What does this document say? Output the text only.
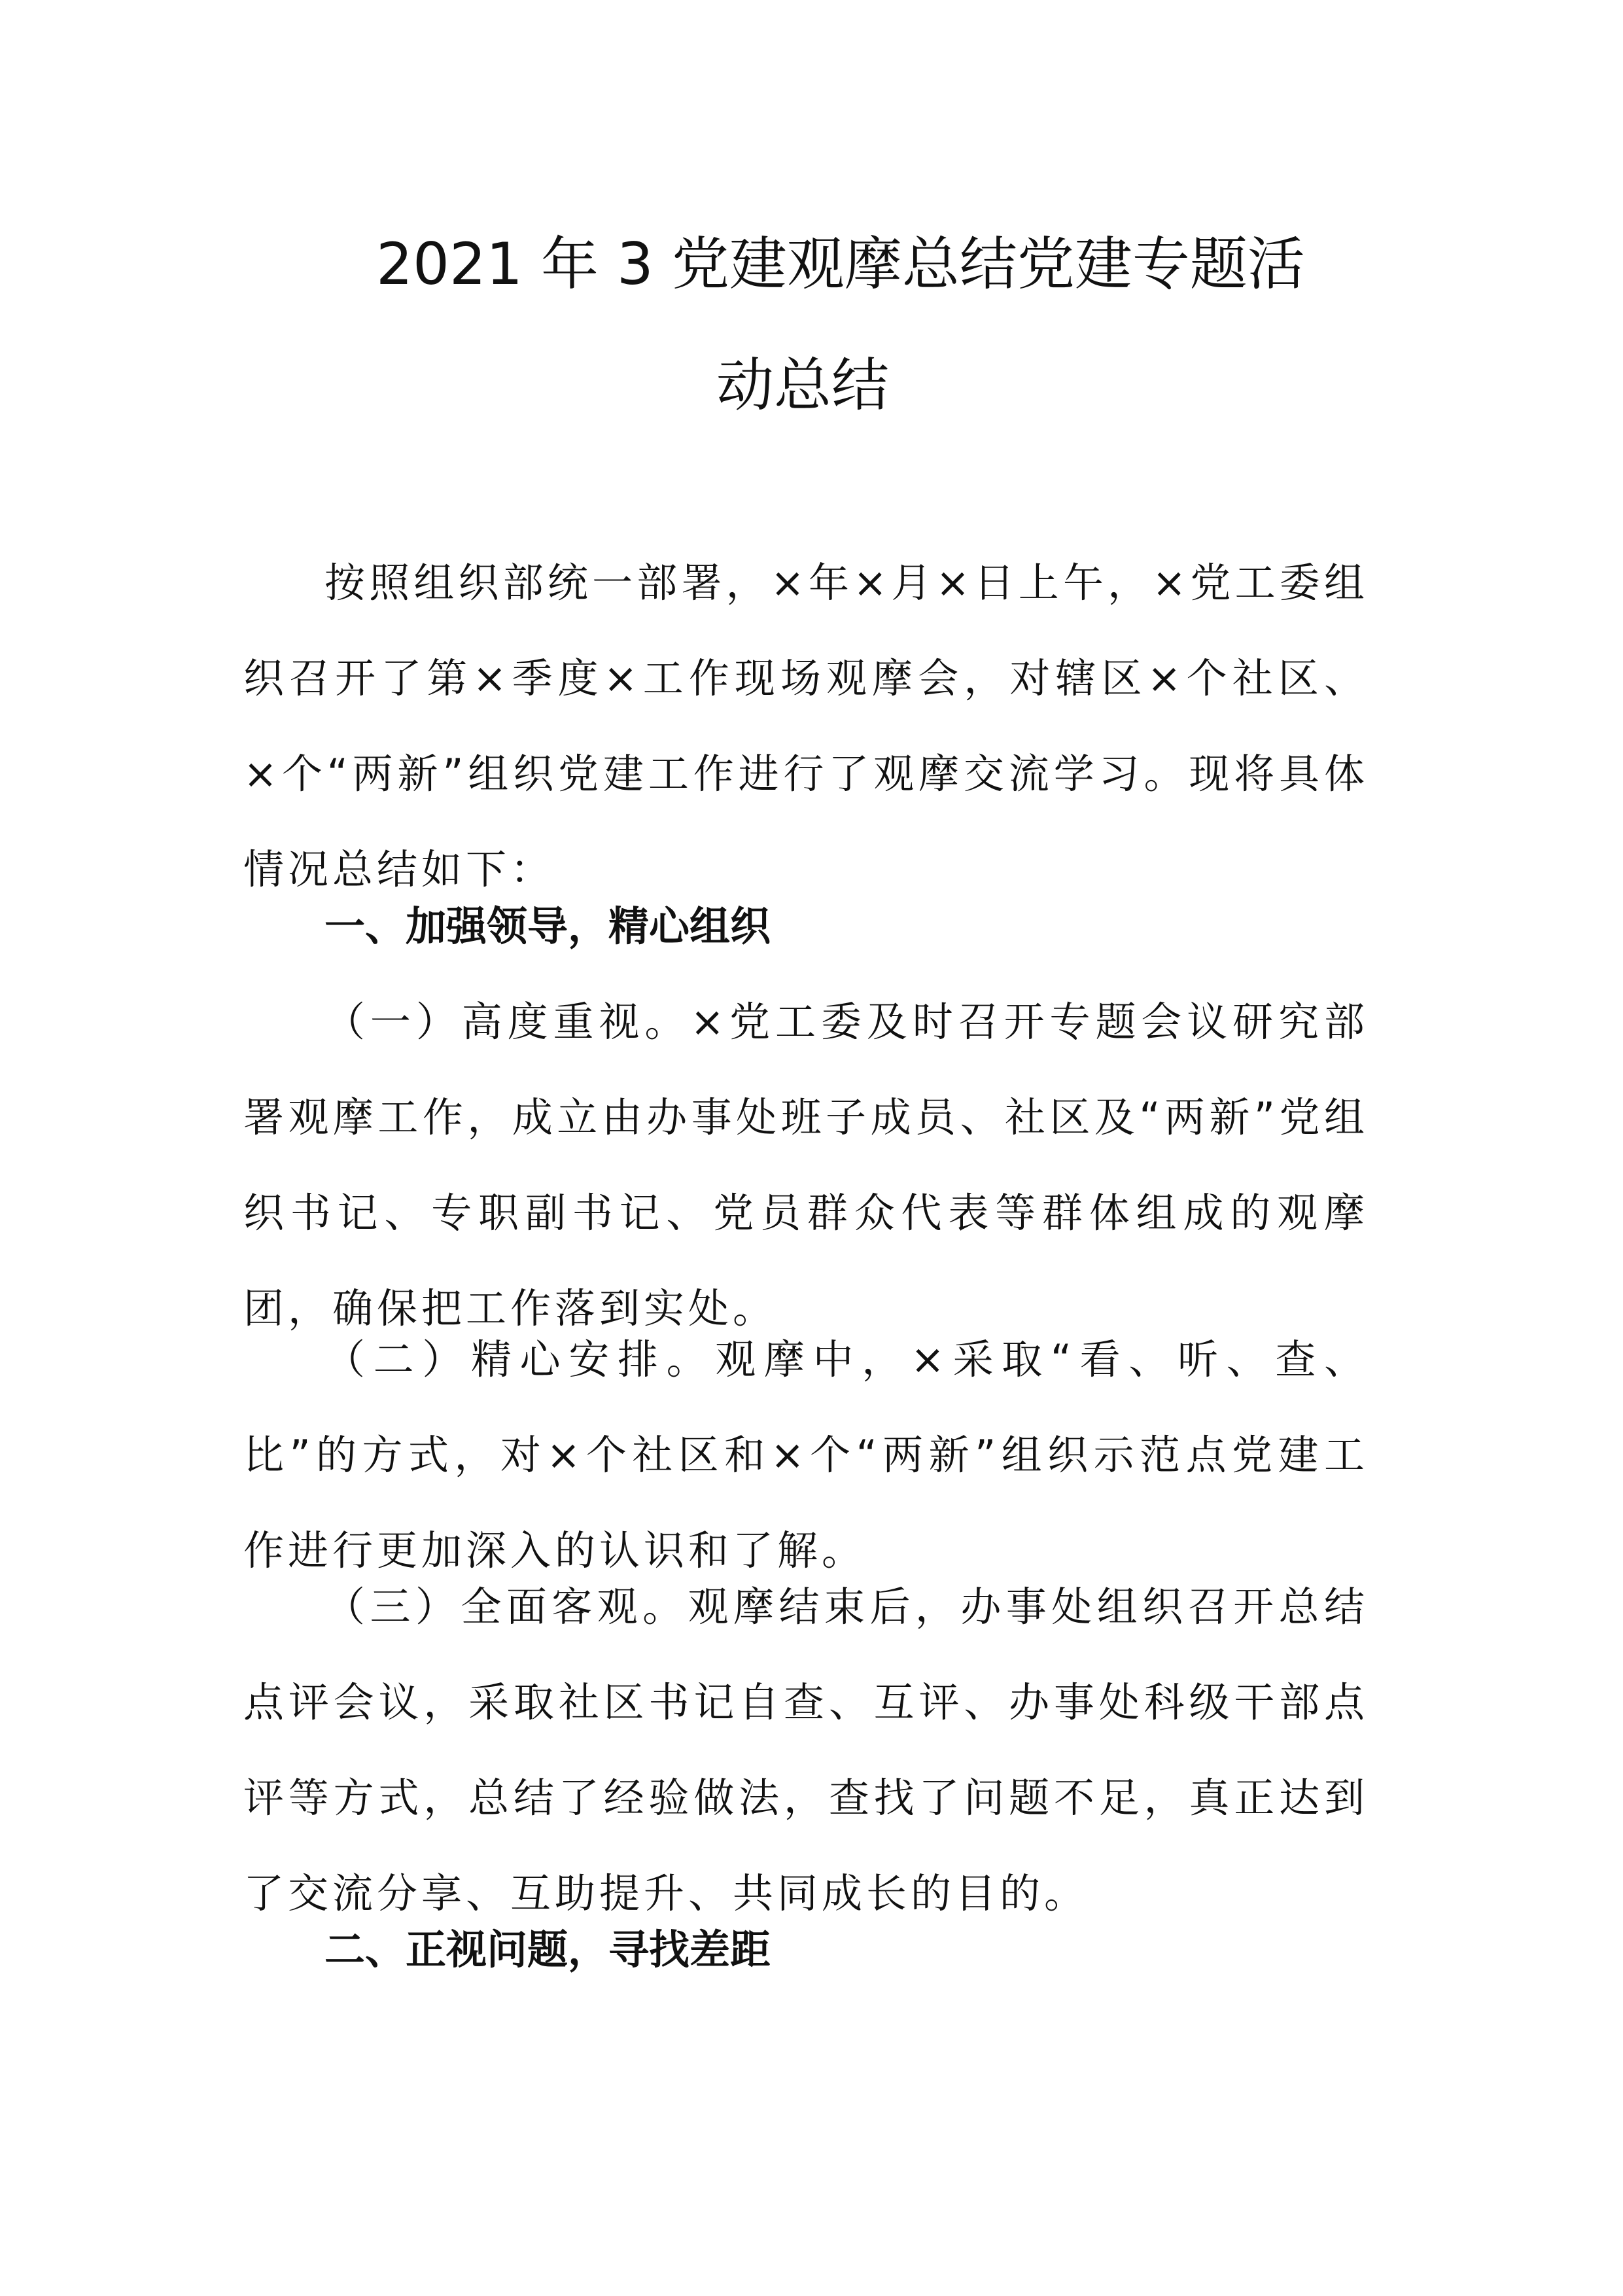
2021 年 3 党建观摩总结党建专题活
动总结

按照组织部统一部署，×年×月×日上午，×党工委组织召开了第×季度×工作现场观摩会，对辖区×个社区、×个“两新”组织党建工作进行了观摩交流学习。现将具体情况总结如下：

一、加强领导，精心组织

（一）高度重视。×党工委及时召开专题会议研究部署观摩工作，成立由办事处班子成员、社区及“两新”党组织书记、专职副书记、党员群众代表等群体组成的观摩团，确保把工作落到实处。

（二）精心安排。观摩中，×采取“看、听、查、比”的方式，对×个社区和×个“两新”组织示范点党建工作进行更加深入的认识和了解。

（三）全面客观。观摩结束后，办事处组织召开总结点评会议，采取社区书记自查、互评、办事处科级干部点评等方式，总结了经验做法，查找了问题不足，真正达到了交流分享、互助提升、共同成长的目的。

二、正视问题，寻找差距
